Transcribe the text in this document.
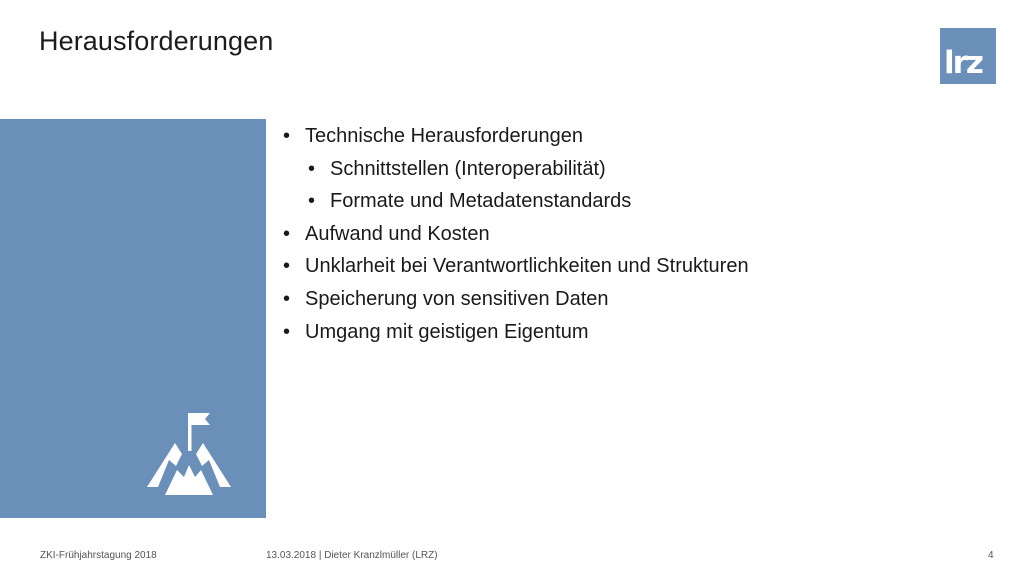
Herausforderungen
lrz
• Technische Herausforderungen
• Schnittstellen (Interoperabilität)
• Formate und Metadatenstandards
• Aufwand und Kosten
• Unklarheit bei Verantwortlichkeiten und Strukturen
• Speicherung von sensitiven Daten
• Umgang mit geistigen Eigentum
ZKI-Frühjahrstagung 2018	13.03.2018 | Dieter Kranzlmüller (LRZ)	4
